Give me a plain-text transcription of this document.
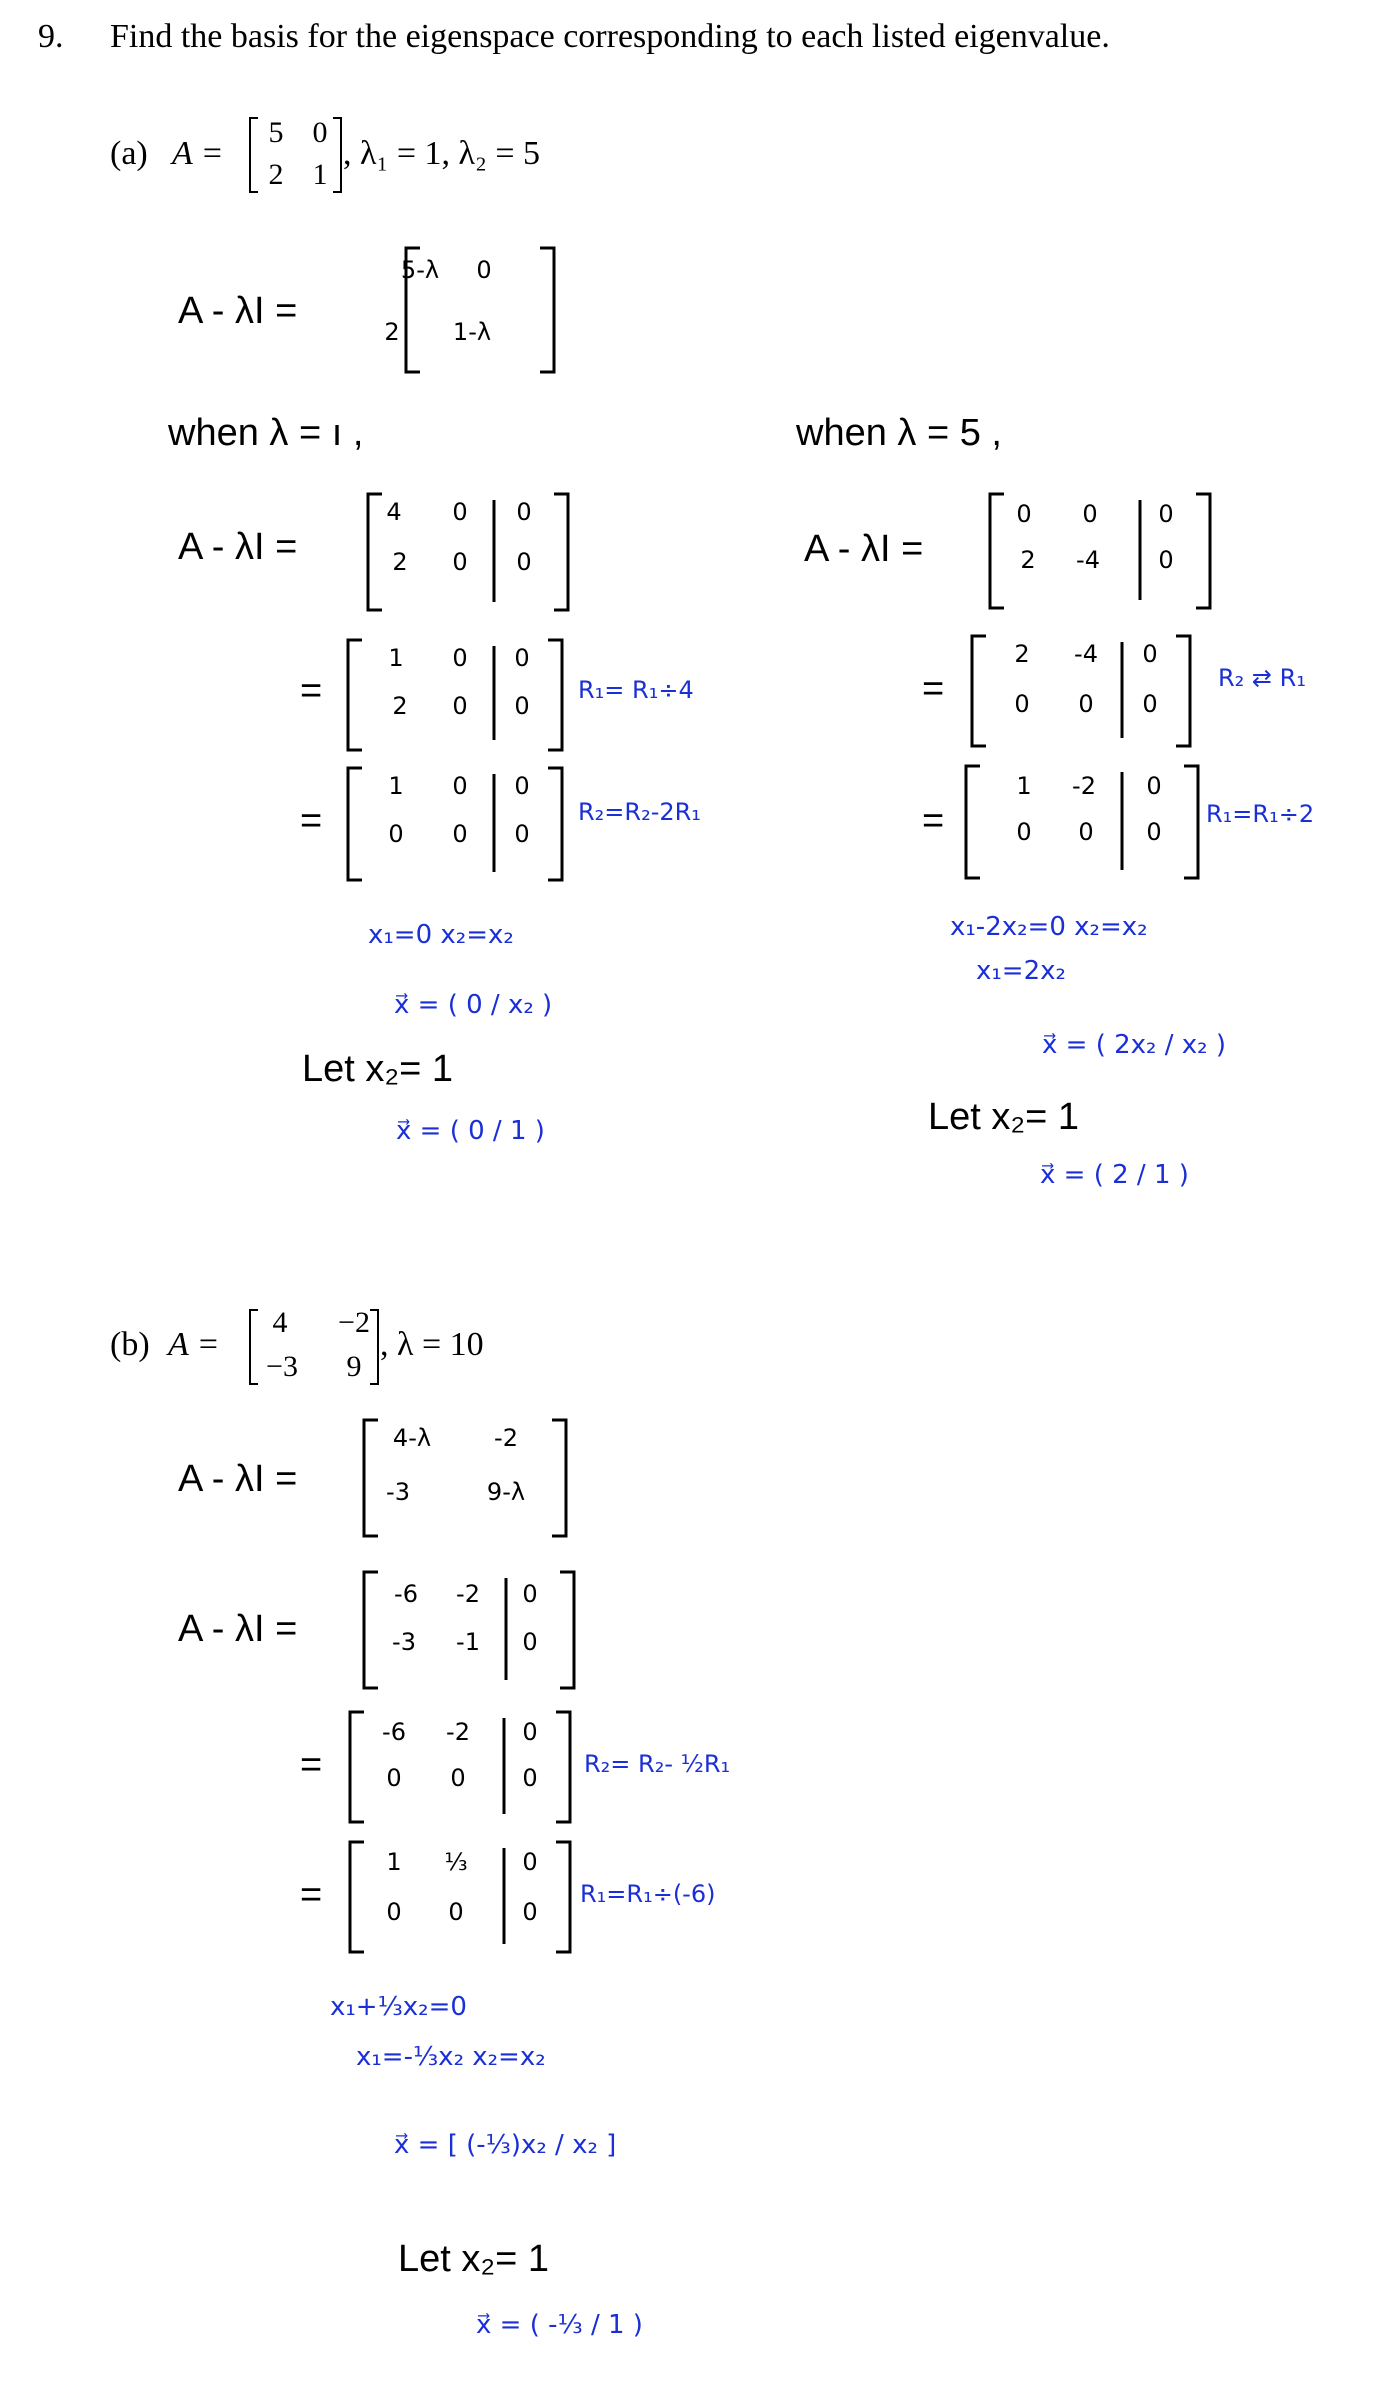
9. Find the basis for the eigenspace corresponding to each listed eigenvalue.
(a) A =
5 0
2 1
, λ₁ = 1, λ₂ = 5
A - λI =
5-λ	0
2	1-λ
when λ = ı ,
A - λI =
4	0	0
2	0	0
=
1	0	0
2	0	0
R₁= R₁÷4
=
1	0	0
0	0	0
R₂=R₂-2R₁
x₁=0 x₂=x₂
x⃗ = ( 0 / x₂ )
Let x₂= 1
x⃗ = ( 0 / 1 )
when λ = 5 ,
A - λI =
0	0	0
2	-4	0
=
2	-4	0
0	0	0
R₂ ⇄ R₁
=
1	-2	0
0	0	0
R₁=R₁÷2
x₁-2x₂=0 x₂=x₂
x₁=2x₂
x⃗ = ( 2x₂ / x₂ )
Let x₂= 1
x⃗ = ( 2 / 1 )
(b) A =
4	−2
−3	9
, λ = 10
A - λI =
4-λ	-2
-3	9-λ
A - λI =
-6	-2	0
-3	-1	0
=
-6	-2	0
0	0	0	R₂= R₂- ½R₁
=
1	⅓	0
0	0	0
R₁=R₁÷(-6)
x₁+⅓x₂=0
x₁=-⅓x₂ x₂=x₂
x⃗ = [ (-⅓)x₂ / x₂ ]
Let x₂= 1
x⃗ = ( -⅓ / 1 )
